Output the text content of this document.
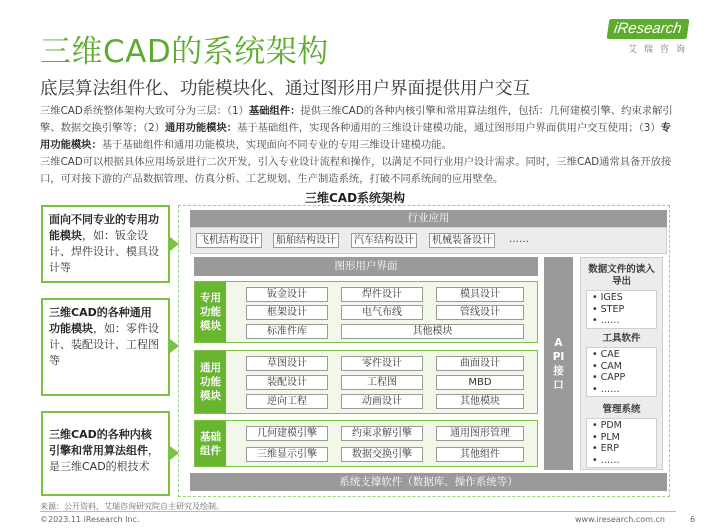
三维CAD的系统架构
iResearch
艾瑞咨询
底层算法组件化、功能模块化、通过图形用户界面提供用户交互
三维CAD系统整体架构大致可分为三层：（1）基础组件：提供三维CAD的各种内核引擎和常用算法组件，包括：几何建模引擎、约束求解引擎、数据交换引擎等；（2）通用功能模块：基于基础组件，实现各种通用的三维设计建模功能，通过图形用户界面供用户交互使用；（3）专用功能模块：基于基础组件和通用功能模块，实现面向不同专业的专用三维设计建模功能。
三维CAD可以根据具体应用场景进行二次开发，引入专业设计流程和操作，以满足不同行业用户设计需求。同时，三维CAD通常具备开放接口，可对接下游的产品数据管理、仿真分析、工艺规划、生产制造系统，打破不同系统间的应用壁垒。
三维CAD系统架构
面向不同专业的专用功能模块，如：钣金设计、焊件设计、模具设计等
三维CAD的各种通用功能模块，如：零件设计、装配设计、工程图等
三维CAD的各种内核引擎和常用算法组件，是三维CAD的根技术
行业应用
飞机结构设计	船舶结构设计	汽车结构设计	机械装备设计	……
图形用户界面
专用功能模块
钣金设计	焊件设计	模具设计
框架设计	电气布线	管线设计
标准件库	其他模块
通用功能模块
草图设计	零件设计	曲面设计
装配设计	工程图	MBD
逆向工程	动画设计	其他模块
基础组件
几何建模引擎	约束求解引擎	通用图形管理
三维显示引擎	数据交换引擎	其他组件
系统支撑软件（数据库、操作系统等）
API接口
数据文件的读入导出
• IGES
• STEP
• ……
工具软件
• CAE
• CAM
• CAPP
• ……
管理系统
• PDM
• PLM
• ERP
• ……
来源：公开资料，艾瑞咨询研究院自主研究及绘制。
©2023.11 iResearch Inc.	www.iresearch.com.cn	6
